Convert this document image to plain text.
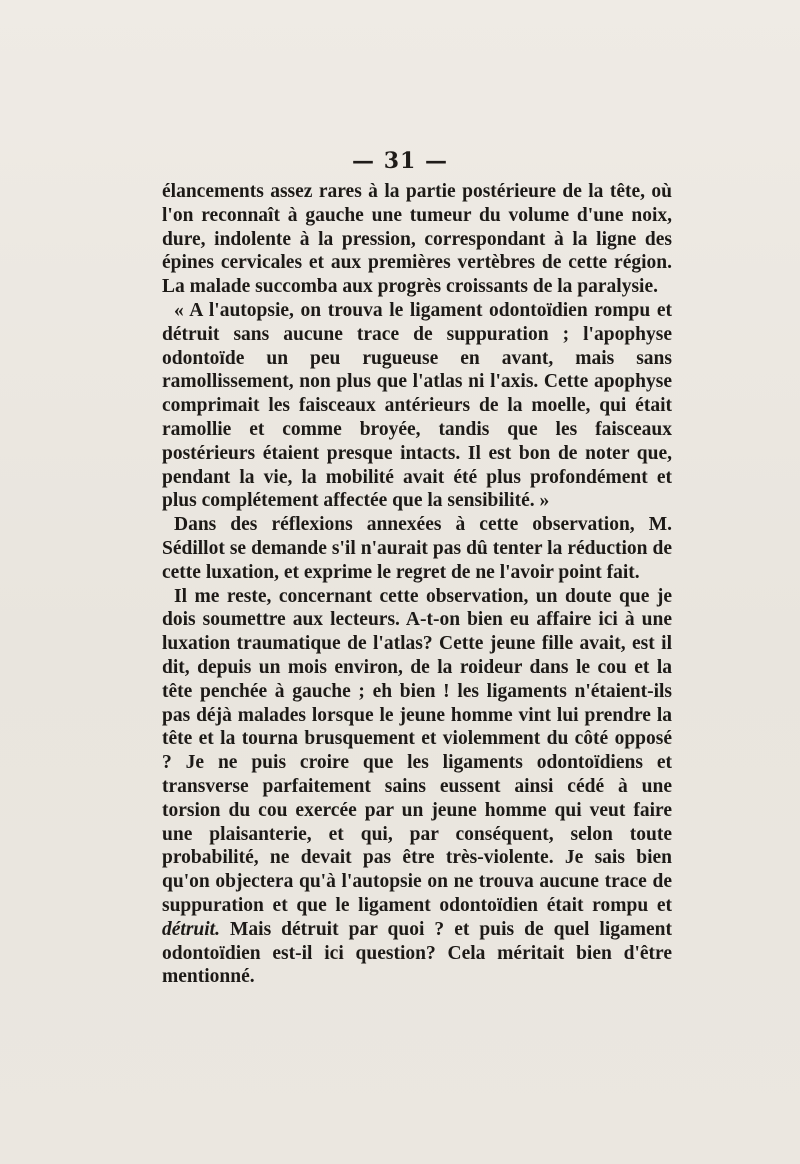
— 31 —

élancements assez rares à la partie postérieure de la tête, où l'on reconnaît à gauche une tumeur du volume d'une noix, dure, indolente à la pression, correspondant à la ligne des épines cervicales et aux premières vertèbres de cette région. La malade succomba aux progrès croissants de la paralysie.

« A l'autopsie, on trouva le ligament odontoïdien rompu et détruit sans aucune trace de suppuration ; l'apophyse odontoïde un peu rugueuse en avant, mais sans ramollissement, non plus que l'atlas ni l'axis. Cette apophyse comprimait les faisceaux antérieurs de la moelle, qui était ramollie et comme broyée, tandis que les faisceaux postérieurs étaient presque intacts. Il est bon de noter que, pendant la vie, la mobilité avait été plus profondément et plus complétement affectée que la sensibilité. »

Dans des réflexions annexées à cette observation, M. Sédillot se demande s'il n'aurait pas dû tenter la réduction de cette luxation, et exprime le regret de ne l'avoir point fait.

Il me reste, concernant cette observation, un doute que je dois soumettre aux lecteurs. A-t-on bien eu affaire ici à une luxation traumatique de l'atlas? Cette jeune fille avait, est il dit, depuis un mois environ, de la roideur dans le cou et la tête penchée à gauche ; eh bien ! les ligaments n'étaient-ils pas déjà malades lorsque le jeune homme vint lui prendre la tête et la tourna brusquement et violemment du côté opposé ? Je ne puis croire que les ligaments odontoïdiens et transverse parfaitement sains eussent ainsi cédé à une torsion du cou exercée par un jeune homme qui veut faire une plaisanterie, et qui, par conséquent, selon toute probabilité, ne devait pas être très-violente. Je sais bien qu'on objectera qu'à l'autopsie on ne trouva aucune trace de suppuration et que le ligament odontoïdien était rompu et détruit. Mais détruit par quoi ? et puis de quel ligament odontoïdien est-il ici question? Cela méritait bien d'être mentionné.
